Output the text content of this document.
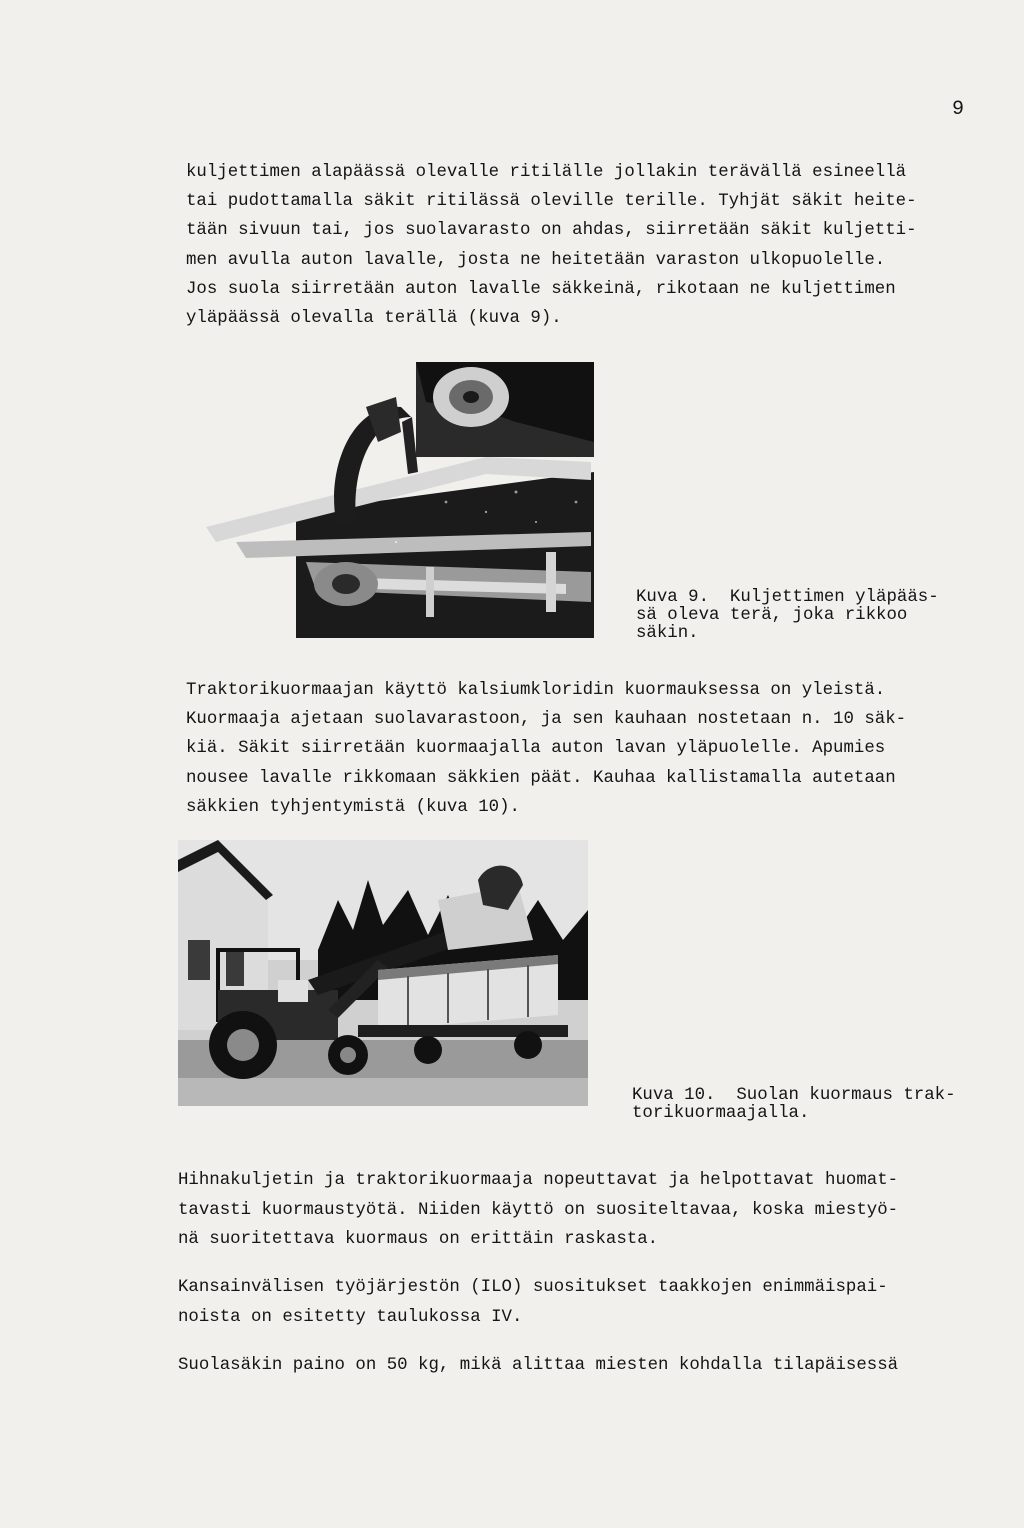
9

kuljettimen alapäässä olevalle ritilälle jollakin terävällä esineellä
tai pudottamalla säkit ritilässä oleville terille. Tyhjät säkit heite-
tään sivuun tai, jos suolavarasto on ahdas, siirretään säkit kuljetti-
men avulla auton lavalle, josta ne heitetään varaston ulkopuolelle.
Jos suola siirretään auton lavalle säkkeinä, rikotaan ne kuljettimen
yläpäässä olevalla terällä (kuva 9).

Kuva 9.  Kuljettimen yläpääs-
sä oleva terä, joka rikkoo
säkin.

Traktorikuormaajan käyttö kalsiumkloridin kuormauksessa on yleistä.
Kuormaaja ajetaan suolavarastoon, ja sen kauhaan nostetaan n. 10 säk-
kiä. Säkit siirretään kuormaajalla auton lavan yläpuolelle. Apumies
nousee lavalle rikkomaan säkkien päät. Kauhaa kallistamalla autetaan
säkkien tyhjentymistä (kuva 10).

Kuva 10.  Suolan kuormaus trak-
torikuormaajalla.

Hihnakuljetin ja traktorikuormaaja nopeuttavat ja helpottavat huomat-
tavasti kuormaustyötä. Niiden käyttö on suositeltavaa, koska miestyö-
nä suoritettava kuormaus on erittäin raskasta.

Kansainvälisen työjärjestön (ILO) suositukset taakkojen enimmäispai-
noista on esitetty taulukossa IV.

Suolasäkin paino on 50 kg, mikä alittaa miesten kohdalla tilapäisessä
